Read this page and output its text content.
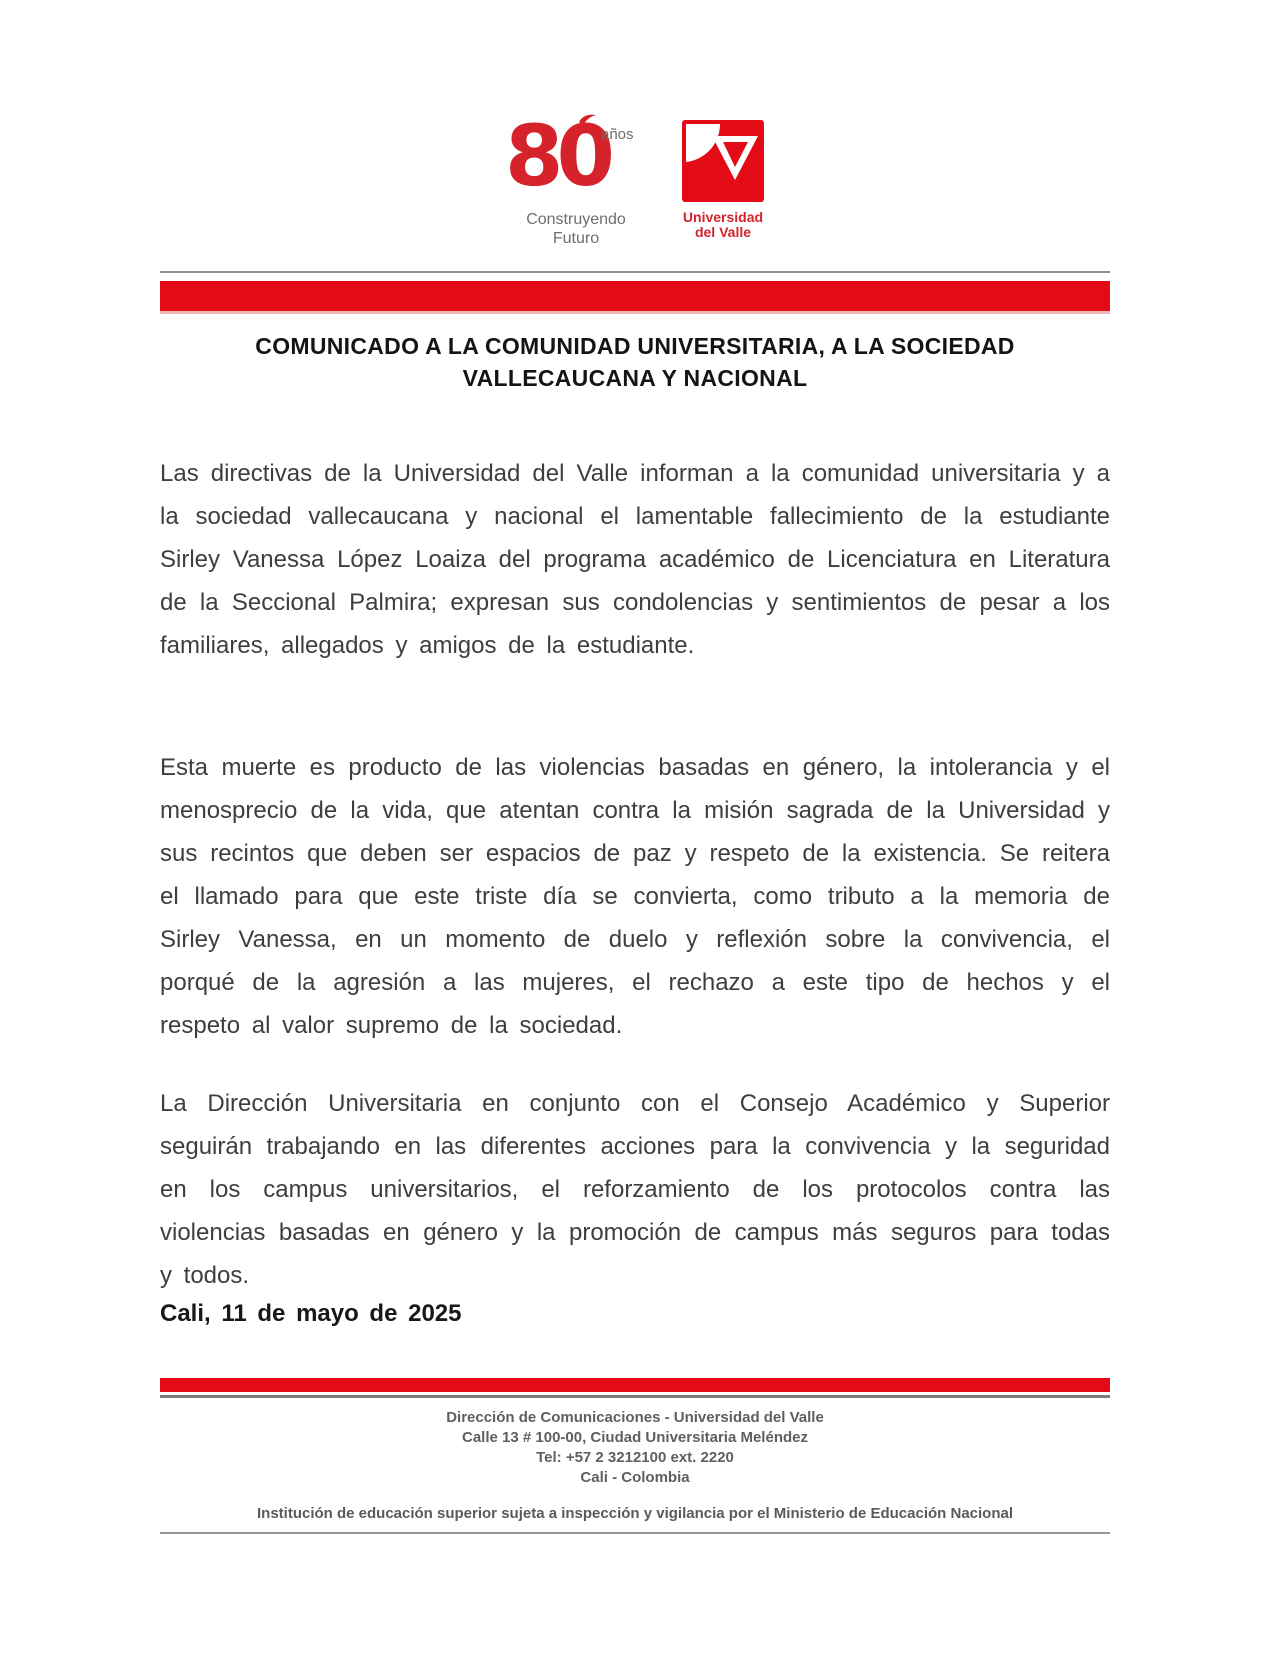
80
años
Construyendo
Futuro
Universidad
del Valle
COMUNICADO A LA COMUNIDAD UNIVERSITARIA, A LA SOCIEDAD
VALLECAUCANA Y NACIONAL

Las directivas de la Universidad del Valle informan a la comunidad universitaria y a la sociedad vallecaucana y nacional el lamentable fallecimiento de la estudiante Sirley Vanessa López Loaiza del programa académico de Licenciatura en Literatura de la Seccional Palmira; expresan sus condolencias y sentimientos de pesar a los familiares, allegados y amigos de la estudiante.

Esta muerte es producto de las violencias basadas en género, la intolerancia y el menosprecio de la vida, que atentan contra la misión sagrada de la Universidad y sus recintos que deben ser espacios de paz y respeto de la existencia. Se reitera el llamado para que este triste día se convierta, como tributo a la memoria de Sirley Vanessa, en un momento de duelo y reflexión sobre la convivencia, el porqué de la agresión a las mujeres, el rechazo a este tipo de hechos y el respeto al valor supremo de la sociedad.

La Dirección Universitaria en conjunto con el Consejo Académico y Superior seguirán trabajando en las diferentes acciones para la convivencia y la seguridad en los campus universitarios, el reforzamiento de los protocolos contra las violencias basadas en género y la promoción de campus más seguros para todas y todos.

Cali, 11 de mayo de 2025
Dirección de Comunicaciones - Universidad del Valle
Calle 13 # 100-00, Ciudad Universitaria Meléndez
Tel: +57 2 3212100 ext. 2220
Cali - Colombia
Institución de educación superior sujeta a inspección y vigilancia por el Ministerio de Educación Nacional
